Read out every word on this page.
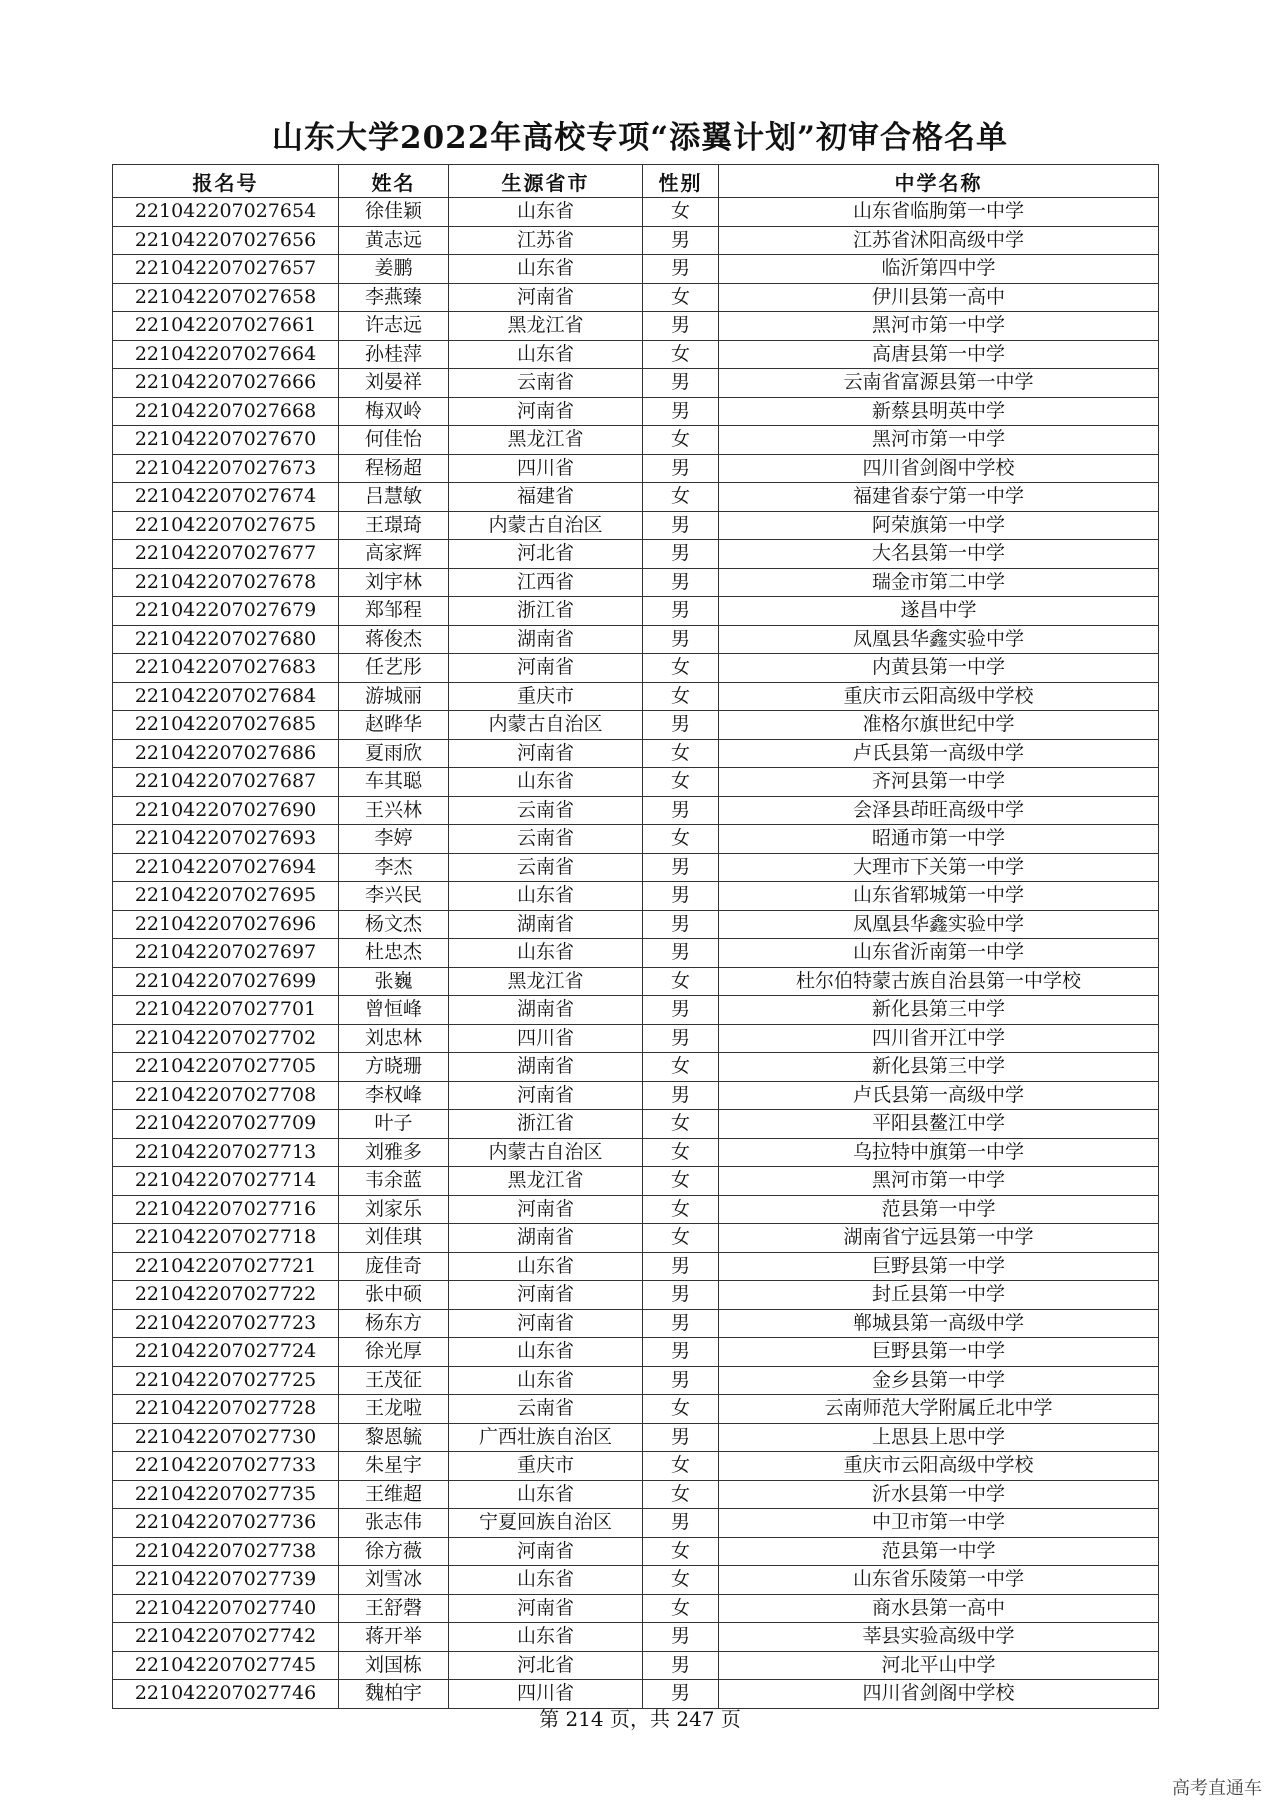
山东大学2022年高校专项“添翼计划”初审合格名单
报名号	姓名	生源省市	性别	中学名称
221042207027654	徐佳颖	山东省	女	山东省临朐第一中学
221042207027656	黄志远	江苏省	男	江苏省沭阳高级中学
221042207027657	姜鹏	山东省	男	临沂第四中学
221042207027658	李燕臻	河南省	女	伊川县第一高中
221042207027661	许志远	黑龙江省	男	黑河市第一中学
221042207027664	孙桂萍	山东省	女	高唐县第一中学
221042207027666	刘晏祥	云南省	男	云南省富源县第一中学
221042207027668	梅双岭	河南省	男	新蔡县明英中学
221042207027670	何佳怡	黑龙江省	女	黑河市第一中学
221042207027673	程杨超	四川省	男	四川省剑阁中学校
221042207027674	吕慧敏	福建省	女	福建省泰宁第一中学
221042207027675	王璟琦	内蒙古自治区	男	阿荣旗第一中学
221042207027677	高家辉	河北省	男	大名县第一中学
221042207027678	刘宇林	江西省	男	瑞金市第二中学
221042207027679	郑邹程	浙江省	男	遂昌中学
221042207027680	蒋俊杰	湖南省	男	凤凰县华鑫实验中学
221042207027683	任艺彤	河南省	女	内黄县第一中学
221042207027684	游城丽	重庆市	女	重庆市云阳高级中学校
221042207027685	赵晔华	内蒙古自治区	男	准格尔旗世纪中学
221042207027686	夏雨欣	河南省	女	卢氏县第一高级中学
221042207027687	车其聪	山东省	女	齐河县第一中学
221042207027690	王兴林	云南省	男	会泽县茚旺高级中学
221042207027693	李婷	云南省	女	昭通市第一中学
221042207027694	李杰	云南省	男	大理市下关第一中学
221042207027695	李兴民	山东省	男	山东省郓城第一中学
221042207027696	杨文杰	湖南省	男	凤凰县华鑫实验中学
221042207027697	杜忠杰	山东省	男	山东省沂南第一中学
221042207027699	张巍	黑龙江省	女	杜尔伯特蒙古族自治县第一中学校
221042207027701	曾恒峰	湖南省	男	新化县第三中学
221042207027702	刘忠林	四川省	男	四川省开江中学
221042207027705	方晓珊	湖南省	女	新化县第三中学
221042207027708	李权峰	河南省	男	卢氏县第一高级中学
221042207027709	叶子	浙江省	女	平阳县鳌江中学
221042207027713	刘雅多	内蒙古自治区	女	乌拉特中旗第一中学
221042207027714	韦余蓝	黑龙江省	女	黑河市第一中学
221042207027716	刘家乐	河南省	女	范县第一中学
221042207027718	刘佳琪	湖南省	女	湖南省宁远县第一中学
221042207027721	庞佳奇	山东省	男	巨野县第一中学
221042207027722	张中硕	河南省	男	封丘县第一中学
221042207027723	杨东方	河南省	男	郸城县第一高级中学
221042207027724	徐光厚	山东省	男	巨野县第一中学
221042207027725	王茂征	山东省	男	金乡县第一中学
221042207027728	王龙啦	云南省	女	云南师范大学附属丘北中学
221042207027730	黎恩毓	广西壮族自治区	男	上思县上思中学
221042207027733	朱星宇	重庆市	女	重庆市云阳高级中学校
221042207027735	王维超	山东省	女	沂水县第一中学
221042207027736	张志伟	宁夏回族自治区	男	中卫市第一中学
221042207027738	徐方薇	河南省	女	范县第一中学
221042207027739	刘雪冰	山东省	女	山东省乐陵第一中学
221042207027740	王舒磬	河南省	女	商水县第一高中
221042207027742	蒋开举	山东省	男	莘县实验高级中学
221042207027745	刘国栋	河北省	男	河北平山中学
221042207027746	魏柏宇	四川省	男	四川省剑阁中学校
第 214 页，共 247 页
高考直通车
